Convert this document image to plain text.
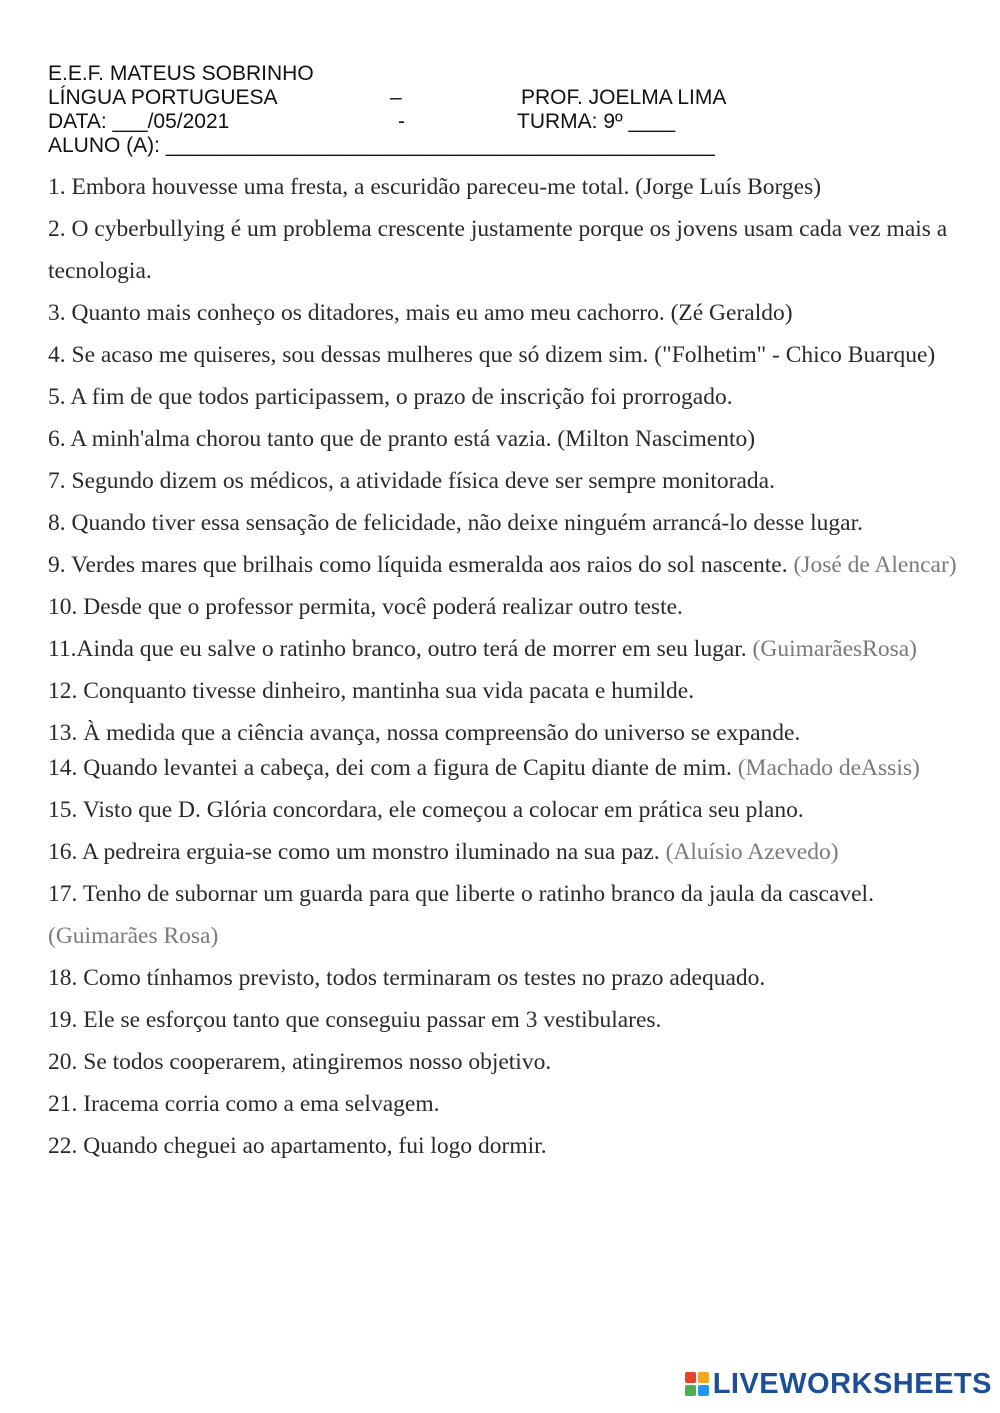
E.E.F. MATEUS SOBRINHO
LÍNGUA PORTUGUESA	–	PROF. JOELMA LIMA
DATA: ___/05/2021	-	TURMA: 9º ____
ALUNO (A): _______________________________________________

1. Embora houvesse uma fresta, a escuridão pareceu-me total. (Jorge Luís Borges)

2. O cyberbullying é um problema crescente justamente porque os jovens usam cada vez mais a tecnologia.

3. Quanto mais conheço os ditadores, mais eu amo meu cachorro. (Zé Geraldo)

4. Se acaso me quiseres, sou dessas mulheres que só dizem sim. ("Folhetim" - Chico Buarque)

5. A fim de que todos participassem, o prazo de inscrição foi prorrogado.

6. A minh'alma chorou tanto que de pranto está vazia. (Milton Nascimento)

7. Segundo dizem os médicos, a atividade física deve ser sempre monitorada.

8. Quando tiver essa sensação de felicidade, não deixe ninguém arrancá-lo desse lugar.

9. Verdes mares que brilhais como líquida esmeralda aos raios do sol nascente. (José de Alencar)

10. Desde que o professor permita, você poderá realizar outro teste.

11.Ainda que eu salve o ratinho branco, outro terá de morrer em seu lugar. (GuimarãesRosa)

12. Conquanto tivesse dinheiro, mantinha sua vida pacata e humilde.

13. À medida que a ciência avança, nossa compreensão do universo se expande.

14. Quando levantei a cabeça, dei com a figura de Capitu diante de mim. (Machado deAssis)

15. Visto que D. Glória concordara, ele começou a colocar em prática seu plano.

16. A pedreira erguia-se como um monstro iluminado na sua paz. (Aluísio Azevedo)

17. Tenho de subornar um guarda para que liberte o ratinho branco da jaula da cascavel. (Guimarães Rosa)

18. Como tínhamos previsto, todos terminaram os testes no prazo adequado.

19. Ele se esforçou tanto que conseguiu passar em 3 vestibulares.

20. Se todos cooperarem, atingiremos nosso objetivo.

21. Iracema corria como a ema selvagem.

22. Quando cheguei ao apartamento, fui logo dormir.

LIVEWORKSHEETS
